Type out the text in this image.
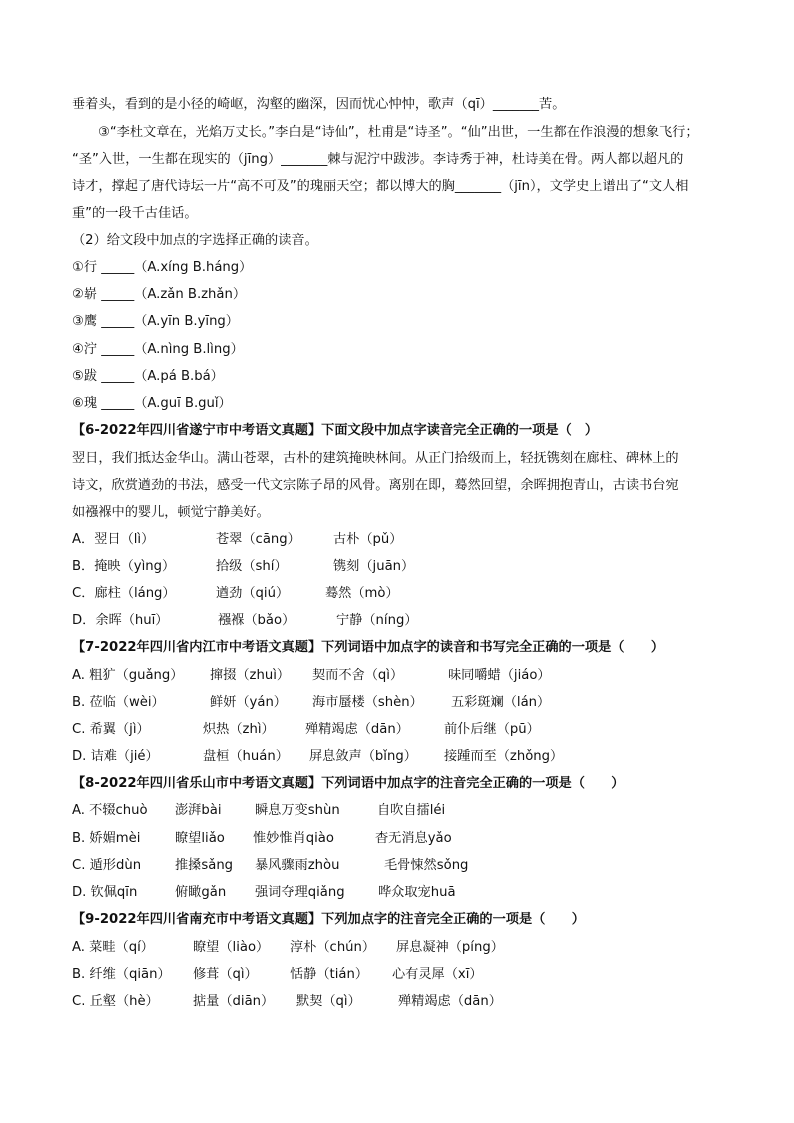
垂着头，看到的是小径的崎岖，沟壑的幽深，因而忧心忡忡，歌声（qī）_______苦。
③“李杜文章在，光焰万丈长。”李白是“诗仙”，杜甫是“诗圣”。“仙”出世，一生都在作浪漫的想象飞行；
“圣”入世，一生都在现实的（jīng）_______棘与泥泞中跋涉。李诗秀于神，杜诗美在骨。两人都以超凡的
诗才，撑起了唐代诗坛一片“高不可及”的瑰丽天空；都以博大的胸_______（jīn），文学史上谱出了“文人相
重”的一段千古佳话。
（2）给文段中加点的字选择正确的读音。
①行 _____（A.xíng B.háng）
②崭 _____（A.zǎn B.zhǎn）
③鹰 _____（A.yīn B.yīng）
④泞 _____（A.nìng B.lìng）
⑤跋 _____（A.pá B.bá）
⑥瑰 _____（A.guī B.guǐ）
【6-2022年四川省遂宁市中考语文真题】下面文段中加点字读音完全正确的一项是（　）
翌日，我们抵达金华山。满山苍翠，古朴的建筑掩映林间。从正门拾级而上，轻抚镌刻在廊柱、碑林上的
诗文，欣赏遒劲的书法，感受一代文宗陈子昂的风骨。离别在即，蓦然回望，余晖拥抱青山，古读书台宛
如襁褓中的婴儿，顿觉宁静美好。
A．翌日（lì）	苍翠（cāng） 古朴（pǔ）
B．掩映（yìng）	拾级（shí）	镌刻（juān）
C．廊柱（láng）	遒劲（qiú）	蓦然（mò）
D．余晖（huī）	襁褓（bǎo）	宁静（níng）
【7-2022年四川省内江市中考语文真题】下列词语中加点字的读音和书写完全正确的一项是（　　）
A. 粗犷（guǎng） 撺掇（zhuì） 契而不舍（qì）	味同嚼蜡（jiáo）
B. 莅临（wèi）	鲜妍（yán） 海市蜃楼（shèn） 五彩斑斓（lán）
C. 希翼（jì）	炽热（zhì） 殚精竭虑（dān）	前仆后继（pū）
D. 诘难（jié）	盘桓（huán） 屏息敛声（bǐng） 接踵而至（zhǒng）
【8-2022年四川省乐山市中考语文真题】下列词语中加点字的注音完全正确的一项是（　　）
A. 不辍chuò 澎湃bài	瞬息万变shùn	自吹自擂léi
B. 娇媚mèi	瞭望liǎo 惟妙惟肖qiào	杳无消息yǎo
C. 遁形dùn	推搡sǎng 暴风骤雨zhòu	毛骨悚然sǒng
D. 钦佩qīn	俯瞰gǎn 强词夺理qiǎng	哗众取宠huā
【9-2022年四川省南充市中考语文真题】下列加点字的注音完全正确的一项是（　　）
A. 菜畦（qí）	瞭望（liào） 淳朴（chún） 屏息凝神（píng）
B. 纤维（qiān） 修葺（qì） 恬静（tián） 心有灵犀（xī）
C. 丘壑（hè）	掂量（diān） 默契（qì）	殚精竭虑（dān）
